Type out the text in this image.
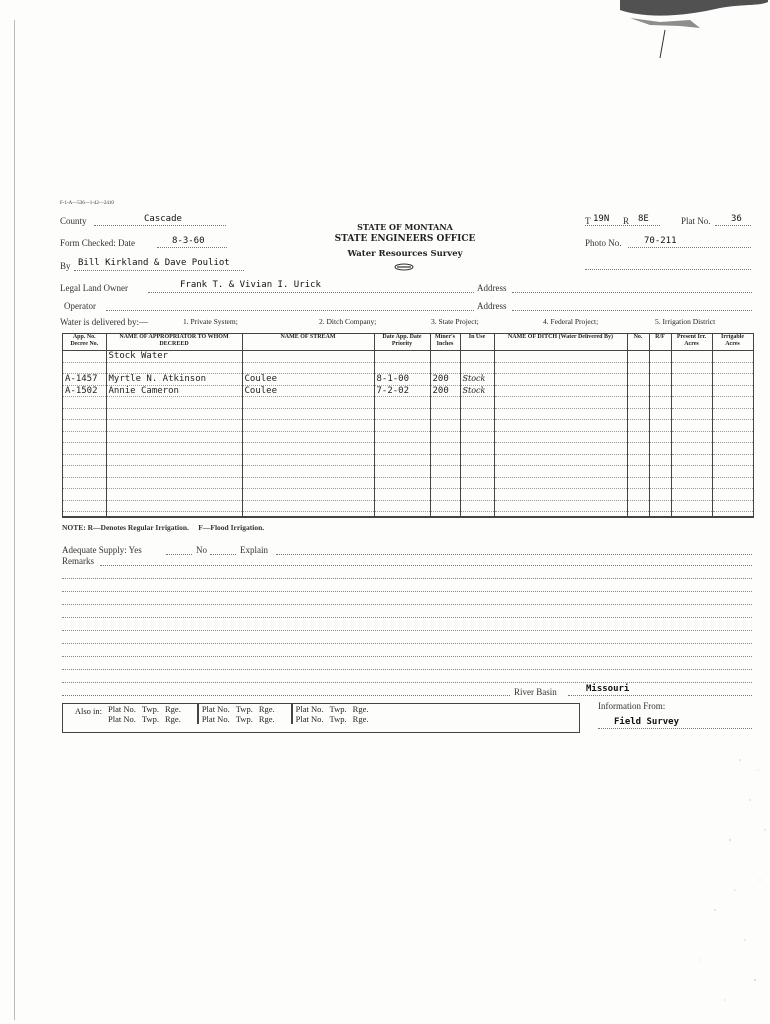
F-1-A—536—1-42—2410
STATE OF MONTANA
STATE ENGINEERS OFFICE
Water Resources Survey
County	Cascade
Form Checked: Date	8-3-60
By Bill Kirkland & Dave Pouliot
T 19N R 8E	Plat No. 36
Photo No. 70-211
Legal Land Owner	Frank T. & Vivian I. Urick	Address
Operator	Address
Water is delivered by:—	1. Private System;	2. Ditch Company;	3. State Project;	4. Federal Project;	5. Irrigation District
App. No. Decree No.	NAME OF APPROPRIATOR TO WHOM DECREED	NAME OF STREAM	Date App. Date Priority	Miner's Inches	In Use	NAME OF DITCH (Water Delivered By)	No.	R/F	Present Irr. Acres	Irrigable Acres
	Stock Water									

A-1457	Myrtle N. Atkinson	Coulee	8-1-00	200	Stock					
A-1502	Annie Cameron	Coulee	7-2-02	200	Stock					

NOTE: R—Denotes Regular Irrigation.     F—Flood Irrigation.
Adequate Supply: Yes	No	Explain
Remarks
River Basin	Missouri
Also in:	Plat No.	Twp.	Rge.	Plat No.	Twp.	Rge.	Plat No.	Twp.	Rge.
	Plat No.	Twp.	Rge.	Plat No.	Twp.	Rge.	Plat No.	Twp.	Rge.
Information From:
Field Survey
